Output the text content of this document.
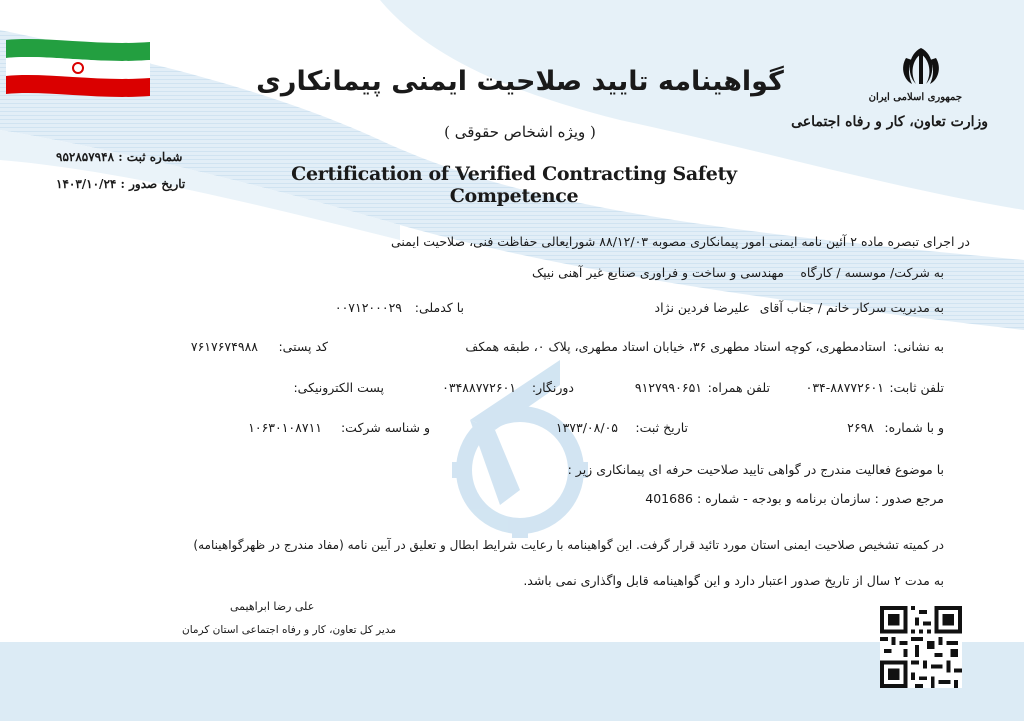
جمهوری اسلامی ایران
وزارت تعاون، کار و رفاه اجتماعی
گواهینامه تایید صلاحیت ایمنی پیمانکاری
( ویژه اشخاص حقوقی )
Certification of Verified Contracting Safety Competence
شماره ثبت : ۹۵۲۸۵۷۹۴۸
تاریخ صدور : ۱۴۰۳/۱۰/۲۴
در اجرای تبصره ماده ۲ آئین نامه ایمنی امور پیمانکاری مصوبه ۸۸/۱۲/۰۳ شورایعالی حفاظت فنی، صلاحیت ایمنی
به شرکت/ موسسه / کارگاه
مهندسی و ساخت و فراوری صنایع غیر آهنی نیپک
به مدیریت سرکار خانم / جناب آقای
علیرضا فردین نژاد
با کدملی:
۰۰۷۱۲۰۰۰۲۹
به نشانی:
استادمطهری، کوچه استاد مطهری ۳۶، خیابان استاد مطهری، پلاک ۰، طبقه همکف
کد پستی:
۷۶۱۷۶۷۴۹۸۸
تلفن ثابت:
۰۳۴-۸۸۷۷۲۶۰۱
تلفن همراه:
۹۱۲۷۹۹۰۶۵۱
دورنگار:
۰۳۴۸۸۷۷۲۶۰۱
پست الکترونیکی:
و با شماره:
۲۶۹۸
تاریخ ثبت:
۱۳۷۳/۰۸/۰۵
و شناسه شرکت:
۱۰۶۳۰۱۰۸۷۱۱
با موضوع فعالیت مندرج در گواهی تایید صلاحیت حرفه ای پیمانکاری زیر :
مرجع صدور : سازمان برنامه و بودجه - شماره : 401686
در کمیته تشخیص صلاحیت ایمنی استان مورد تائید قرار گرفت. این گواهینامه با رعایت شرایط ابطال و تعلیق در آیین نامه (مفاد مندرج در ظهرگواهینامه)
به مدت ۲ سال از تاریخ صدور اعتبار دارد و این گواهینامه قابل واگذاری نمی باشد.
علی رضا ابراهیمی
مدیر کل تعاون، کار و رفاه اجتماعی استان کرمان
